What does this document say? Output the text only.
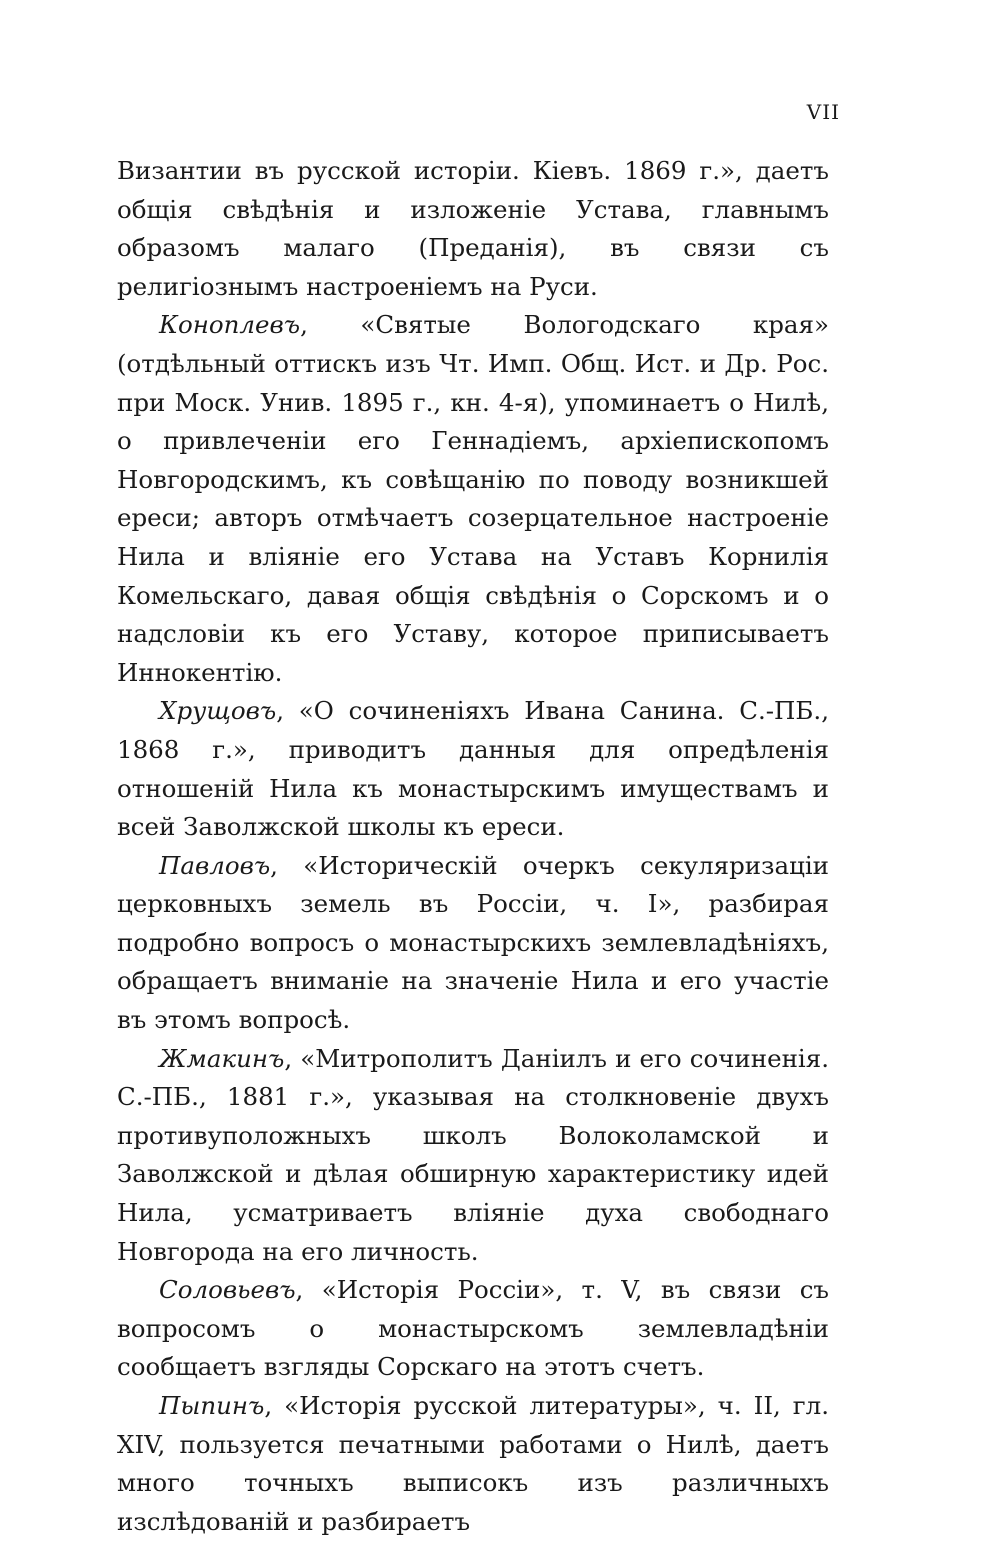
VII

Византии въ русской исторіи. Кіевъ. 1869 г.», даетъ общія свѣдѣнія и изложеніе Устава, главнымъ образомъ малаго (Преданія), въ связи съ религіознымъ настроеніемъ на Руси.

Коноплевъ, «Святые Вологодскаго края» (отдѣльный оттискъ изъ Чт. Имп. Общ. Ист. и Др. Рос. при Моск. Унив. 1895 г., кн. 4-я), упоминаетъ о Нилѣ, о привлеченіи его Геннадіемъ, архіепископомъ Новгородскимъ, къ совѣщанію по поводу возникшей ереси; авторъ отмѣчаетъ созерцательное настроеніе Нила и вліяніе его Устава на Уставъ Корнилія Комельскаго, давая общія свѣдѣнія о Сорскомъ и о надсловіи къ его Уставу, которое приписываетъ Иннокентію.

Хрущовъ, «О сочиненіяхъ Ивана Санина. С.-ПБ., 1868 г.», приводитъ данныя для опредѣленія отношеній Нила къ монастырскимъ имуществамъ и всей Заволжской школы къ ереси.

Павловъ, «Историческій очеркъ секуляризаціи церковныхъ земель въ Россіи, ч. I», разбирая подробно вопросъ о монастырскихъ землевладѣніяхъ, обращаетъ вниманіе на значеніе Нила и его участіе въ этомъ вопросѣ.

Жмакинъ, «Митрополитъ Даніилъ и его сочиненія. С.-ПБ., 1881 г.», указывая на столкновеніе двухъ противуположныхъ школъ Волоколамской и Заволжской и дѣлая обширную характеристику идей Нила, усматриваетъ вліяніе духа свободнаго Новгорода на его личность.

Соловьевъ, «Исторія Россіи», т. V, въ связи съ вопросомъ о монастырскомъ землевладѣніи сообщаетъ взгляды Сорскаго на этотъ счетъ.

Пыпинъ, «Исторія русской литературы», ч. II, гл. XIV, пользуется печатными работами о Нилѣ, даетъ много точныхъ выписокъ изъ различныхъ изслѣдованій и разбираетъ
